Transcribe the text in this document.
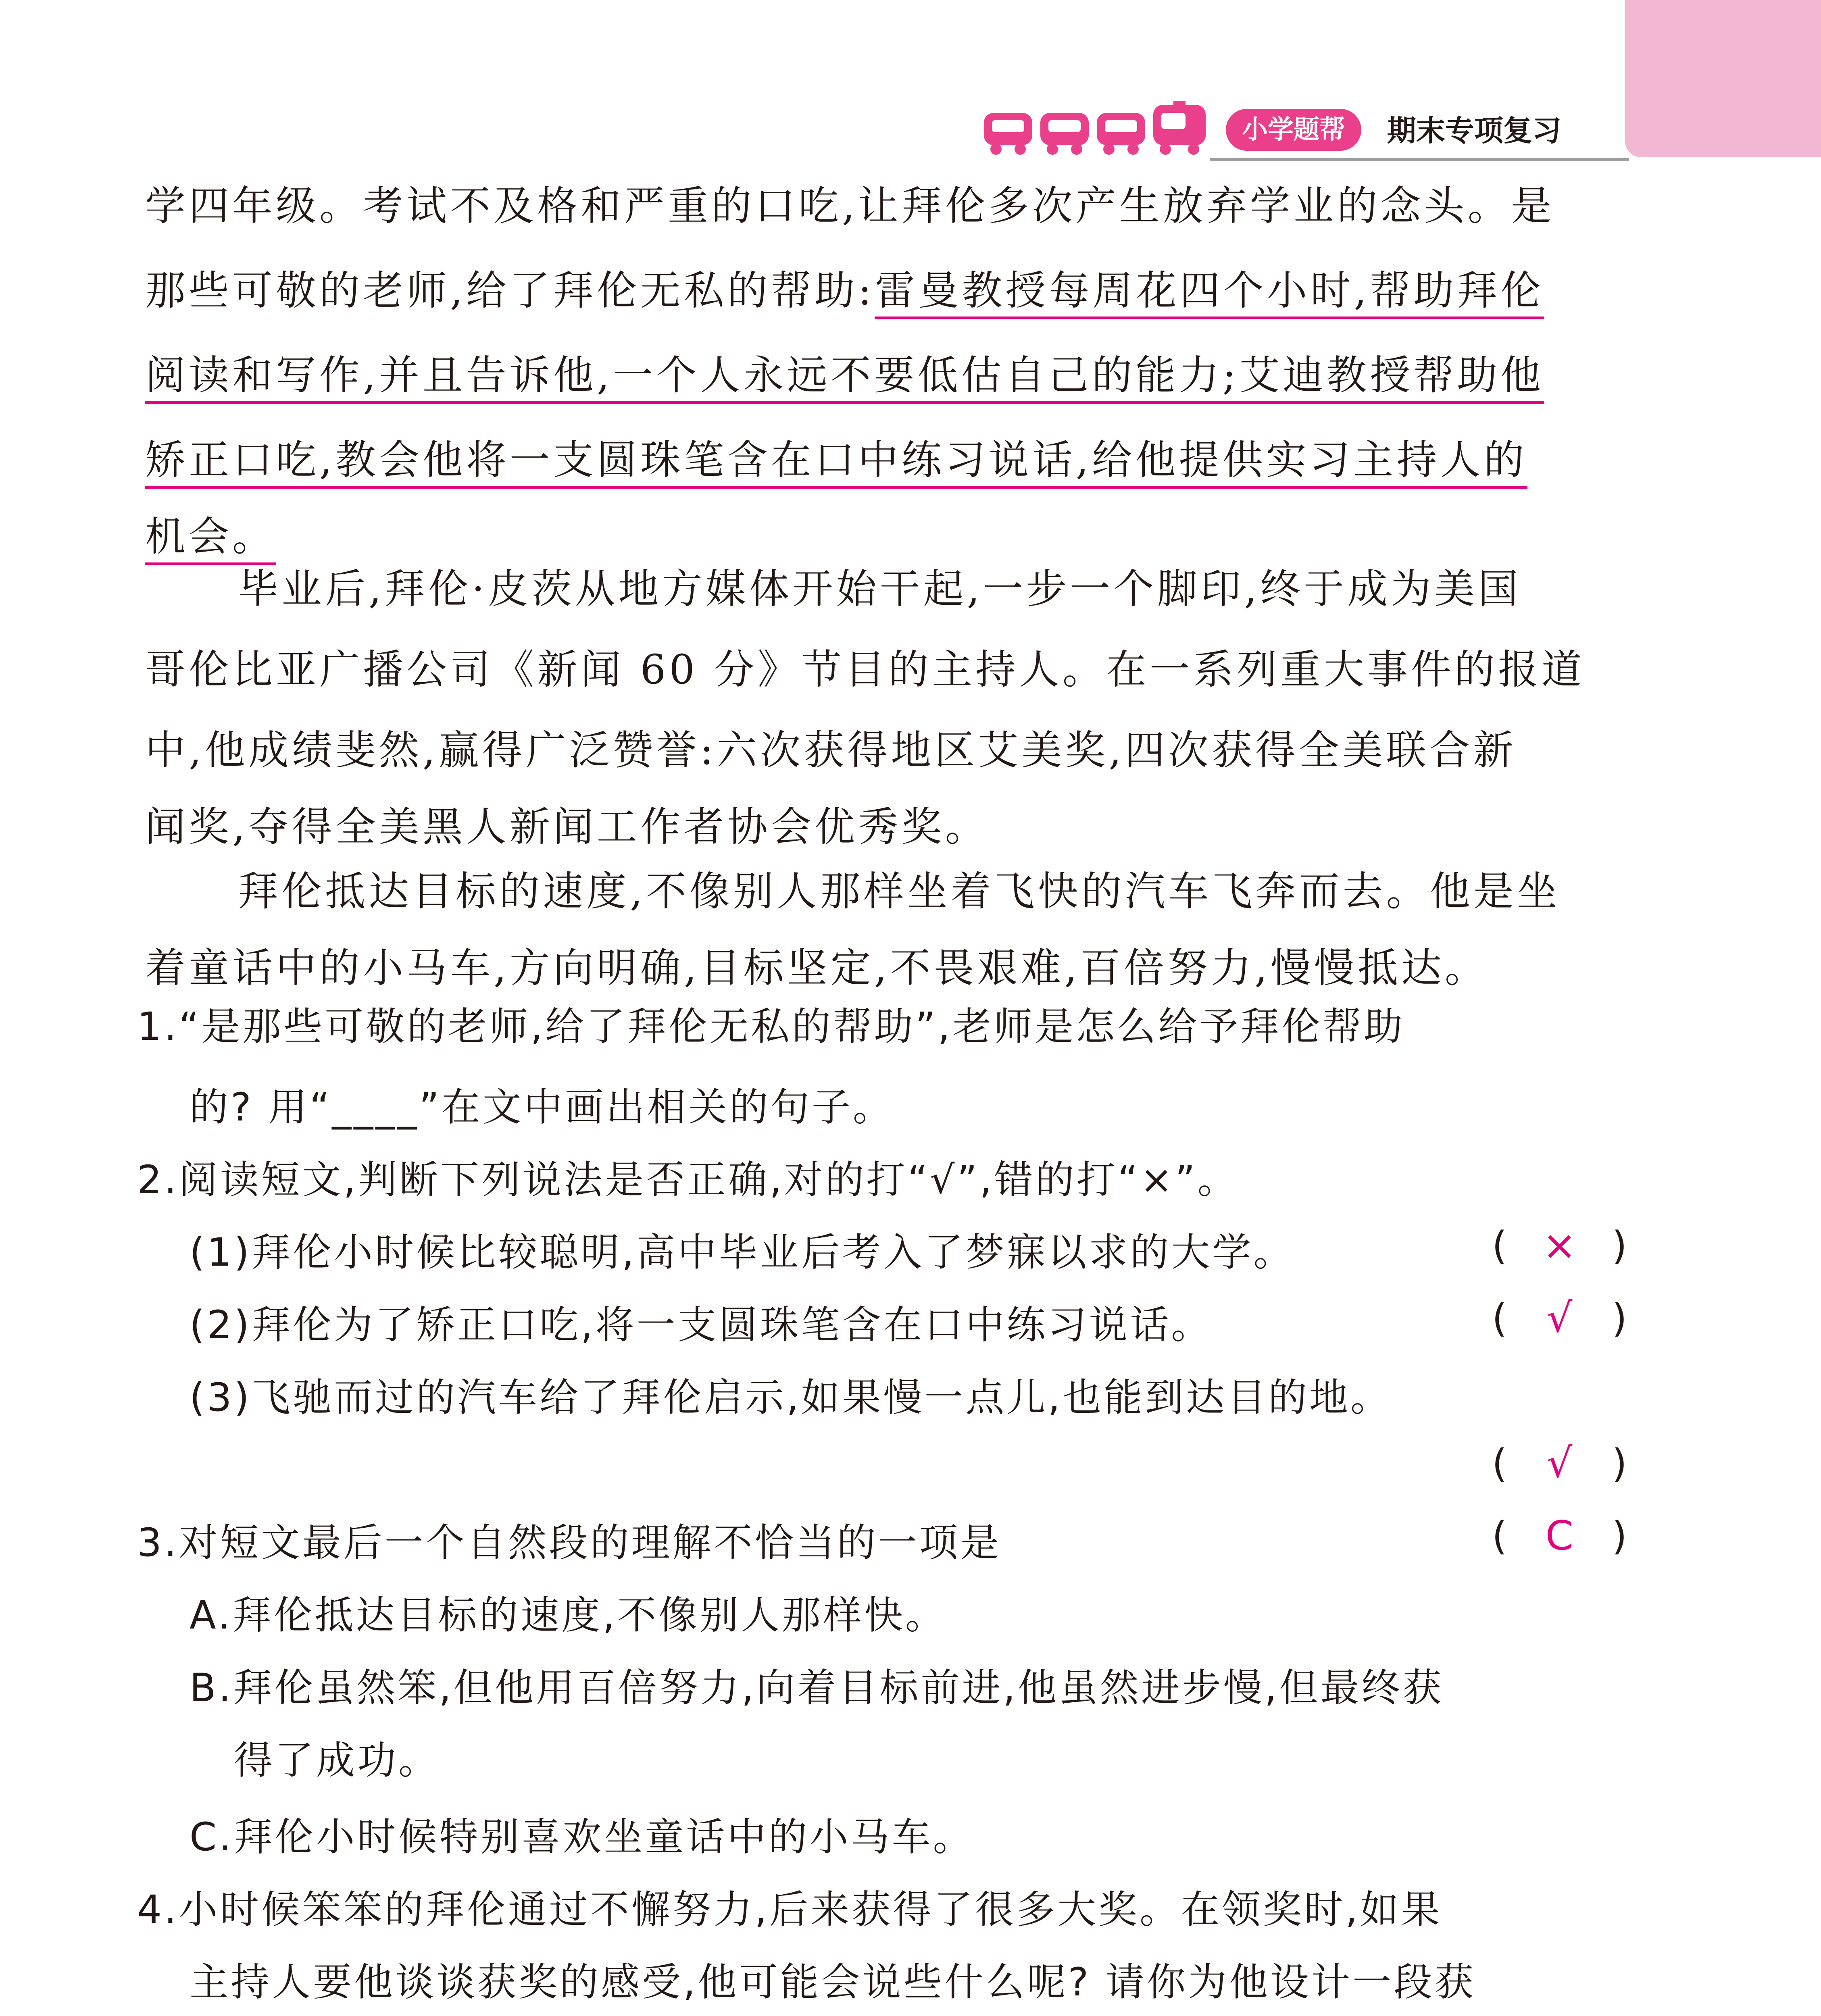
小学题帮	期末专项复习
学四年级。考试不及格和严重的口吃,让拜伦多次产生放弃学业的念头。是
那些可敬的老师,给了拜伦无私的帮助:雷曼教授每周花四个小时,帮助拜伦
阅读和写作,并且告诉他,一个人永远不要低估自己的能力;艾迪教授帮助他
矫正口吃,教会他将一支圆珠笔含在口中练习说话,给他提供实习主持人的
机会。
毕业后,拜伦·皮茨从地方媒体开始干起,一步一个脚印,终于成为美国
哥伦比亚广播公司《新闻 60 分》节目的主持人。在一系列重大事件的报道
中,他成绩斐然,赢得广泛赞誉:六次获得地区艾美奖,四次获得全美联合新
闻奖,夺得全美黑人新闻工作者协会优秀奖。
拜伦抵达目标的速度,不像别人那样坐着飞快的汽车飞奔而去。他是坐
着童话中的小马车,方向明确,目标坚定,不畏艰难,百倍努力,慢慢抵达。
1.“是那些可敬的老师,给了拜伦无私的帮助”,老师是怎么给予拜伦帮助
的? 用“____”在文中画出相关的句子。
2.阅读短文,判断下列说法是否正确,对的打“√”,错的打“×”。
(1)拜伦小时候比较聪明,高中毕业后考入了梦寐以求的大学。	( × )
(2)拜伦为了矫正口吃,将一支圆珠笔含在口中练习说话。	( √ )
(3)飞驰而过的汽车给了拜伦启示,如果慢一点儿,也能到达目的地。
( √ )
3.对短文最后一个自然段的理解不恰当的一项是	( C )
A.拜伦抵达目标的速度,不像别人那样快。
B.拜伦虽然笨,但他用百倍努力,向着目标前进,他虽然进步慢,但最终获
得了成功。
C.拜伦小时候特别喜欢坐童话中的小马车。
4.小时候笨笨的拜伦通过不懈努力,后来获得了很多大奖。在领奖时,如果
主持人要他谈谈获奖的感受,他可能会说些什么呢? 请你为他设计一段获
